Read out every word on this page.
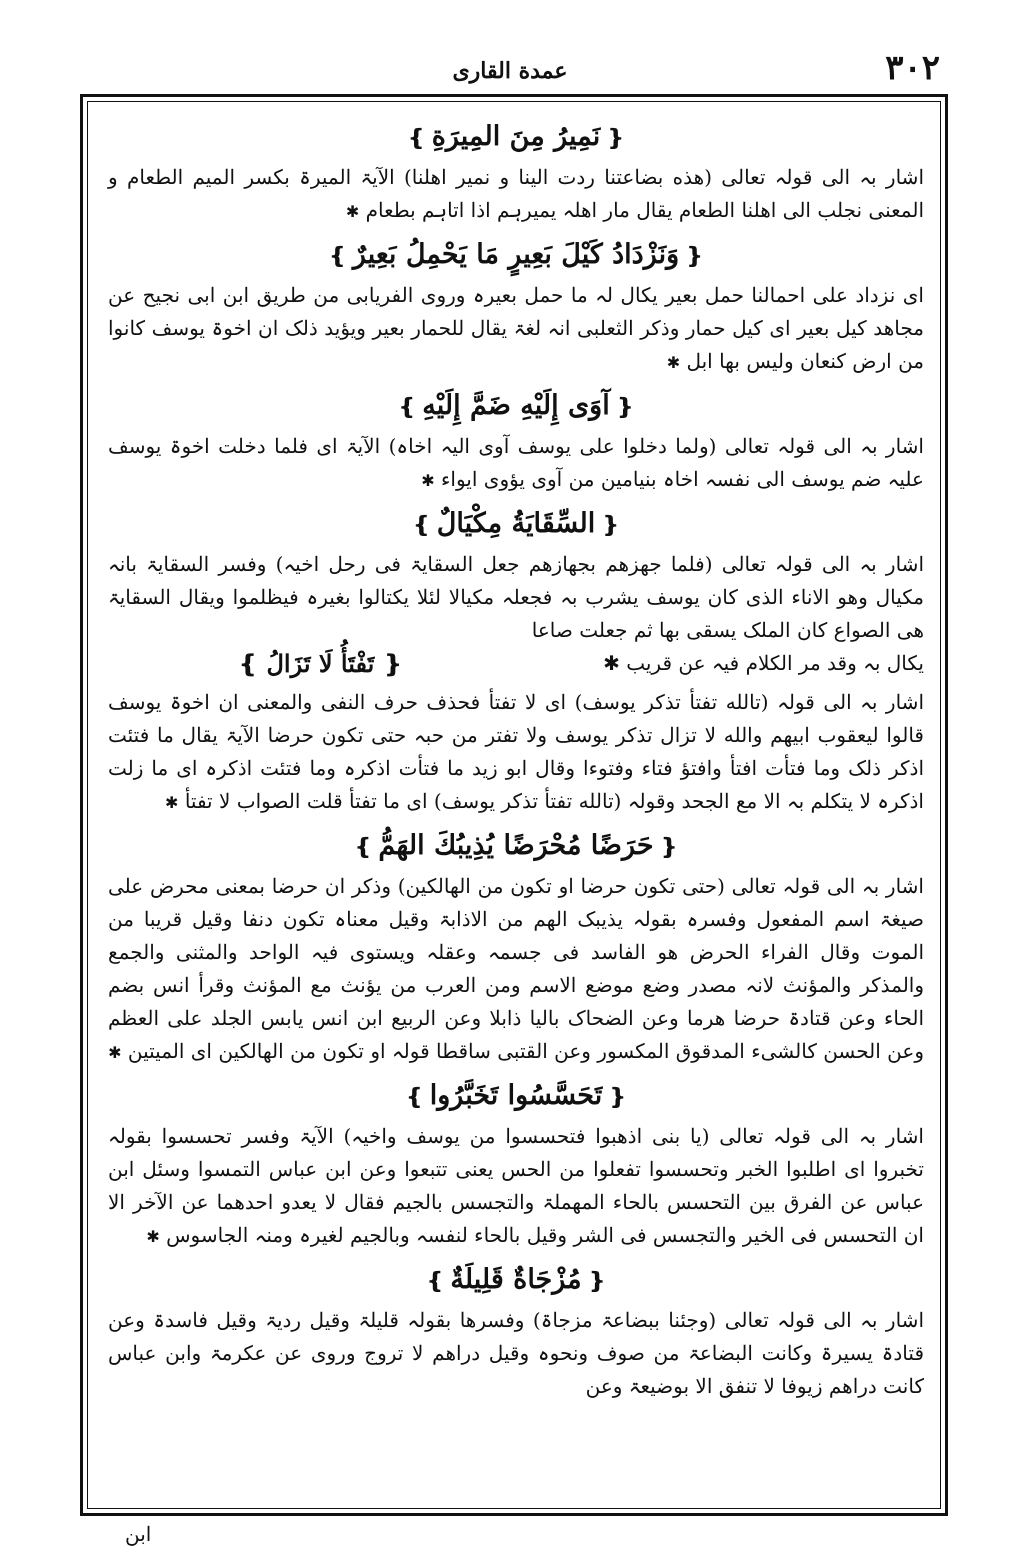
٣٠٢
عمدة القاری
❴نَمِيرُ مِنَ المِيرَةِ❵

اشار بہ الی قولہ تعالی (هذه بضاعتنا ردت الینا و نمیر اهلنا) الآیۃ المیرۃ بکسر المیم الطعام و المعنی نجلب الی اهلنا الطعام یقال مار اهلہ یمیرہم اذا اتاہم بطعام ✱

❴وَنَزْدَادُ كَيْلَ بَعِيرٍ مَا يَحْمِلُ بَعِيرٌ❵

ای نزداد علی احمالنا حمل بعیر یکال لہ ما حمل بعیرہ وروی الفریابی من طریق ابن ابی نجیح عن مجاهد کیل بعیر ای کیل حمار وذکر الثعلبی انہ لغۃ یقال للحمار بعیر ویؤید ذلک ان اخوۃ یوسف کانوا من ارض کنعان ولیس بها ابل ✱

❴آوَى إِلَيْهِ ضَمَّ إِلَيْهِ❵

اشار بہ الی قولہ تعالی (ولما دخلوا علی یوسف آوی الیہ اخاہ) الآیۃ ای فلما دخلت اخوۃ یوسف علیہ ضم یوسف الی نفسہ اخاہ بنیامین من آوی یؤوی ایواء ✱

❴السِّقَايَةُ مِكْيَالٌ❵

اشار بہ الی قولہ تعالی (فلما جهزهم بجهازهم جعل السقایۃ فی رحل اخیہ) وفسر السقایۃ بانہ مکیال وهو الاناء الذی کان یوسف یشرب بہ فجعلہ مکیالا لئلا یکتالوا بغیرہ فیظلموا ویقال السقایۃ هی الصواع کان الملک یسقی بها ثم جعلت صاعا

یکال بہ وقد مر الکلام فیہ عن قریب ✱
❴ تَفْتَأُ لَا تَزَالُ ❵

اشار بہ الی قولہ (تالله تفتأ تذکر یوسف) ای لا تفتأ فحذف حرف النفی والمعنی ان اخوۃ یوسف قالوا لیعقوب ابیهم والله لا تزال تذکر یوسف ولا تفتر من حبہ حتی تکون حرضا الآیۃ یقال ما فتئت اذکر ذلک وما فتأت افتأ وافتؤ فتاء وفتوءا وقال ابو زید ما فتأت اذکرہ وما فتئت اذکرہ ای ما زلت اذکرہ لا یتکلم بہ الا مع الجحد وقولہ (تالله تفتأ تذکر یوسف) ای ما تفتأ قلت الصواب لا تفتأ ✱

❴حَرَضًا مُحْرَضًا يُذِيبُكَ الهَمُّ❵

اشار بہ الی قولہ تعالی (حتی تکون حرضا او تکون من الهالکین) وذکر ان حرضا بمعنی محرض علی صیغۃ اسم المفعول وفسرہ بقولہ یذیبک الهم من الاذابۃ وقیل معناہ تکون دنفا وقیل قریبا من الموت وقال الفراء الحرض هو الفاسد فی جسمہ وعقلہ ویستوی فیہ الواحد والمثنی والجمع والمذکر والمؤنث لانہ مصدر وضع موضع الاسم ومن العرب من یؤنث مع المؤنث وقرأ انس بضم الحاء وعن قتادۃ حرضا هرما وعن الضحاک بالیا ذابلا وعن الربیع ابن انس یابس الجلد علی العظم وعن الحسن کالشیء المدقوق المکسور وعن القتبی ساقطا قولہ او تکون من الهالکین ای المیتین ✱

❴تَحَسَّسُوا تَخَبَّرُوا❵

اشار بہ الی قولہ تعالی (یا بنی اذهبوا فتحسسوا من یوسف واخیہ) الآیۃ وفسر تحسسوا بقولہ تخبروا ای اطلبوا الخبر وتحسسوا تفعلوا من الحس یعنی تتبعوا وعن ابن عباس التمسوا وسئل ابن عباس عن الفرق بین التحسس بالحاء المهملۃ والتجسس بالجیم فقال لا یعدو احدهما عن الآخر الا ان التحسس فی الخیر والتجسس فی الشر وقیل بالحاء لنفسہ وبالجیم لغیرہ ومنہ الجاسوس ✱

❴مُزْجَاةٌ قَلِيلَةٌ❵

اشار بہ الی قولہ تعالی (وجئنا ببضاعۃ مزجاۃ) وفسرها بقولہ قلیلۃ وقیل ردیۃ وقیل فاسدۃ وعن قتادۃ یسیرۃ وکانت البضاعۃ من صوف ونحوہ وقیل دراهم لا تروج وروی عن عکرمۃ وابن عباس کانت دراهم زیوفا لا تنفق الا بوضیعۃ وعن

ابن
